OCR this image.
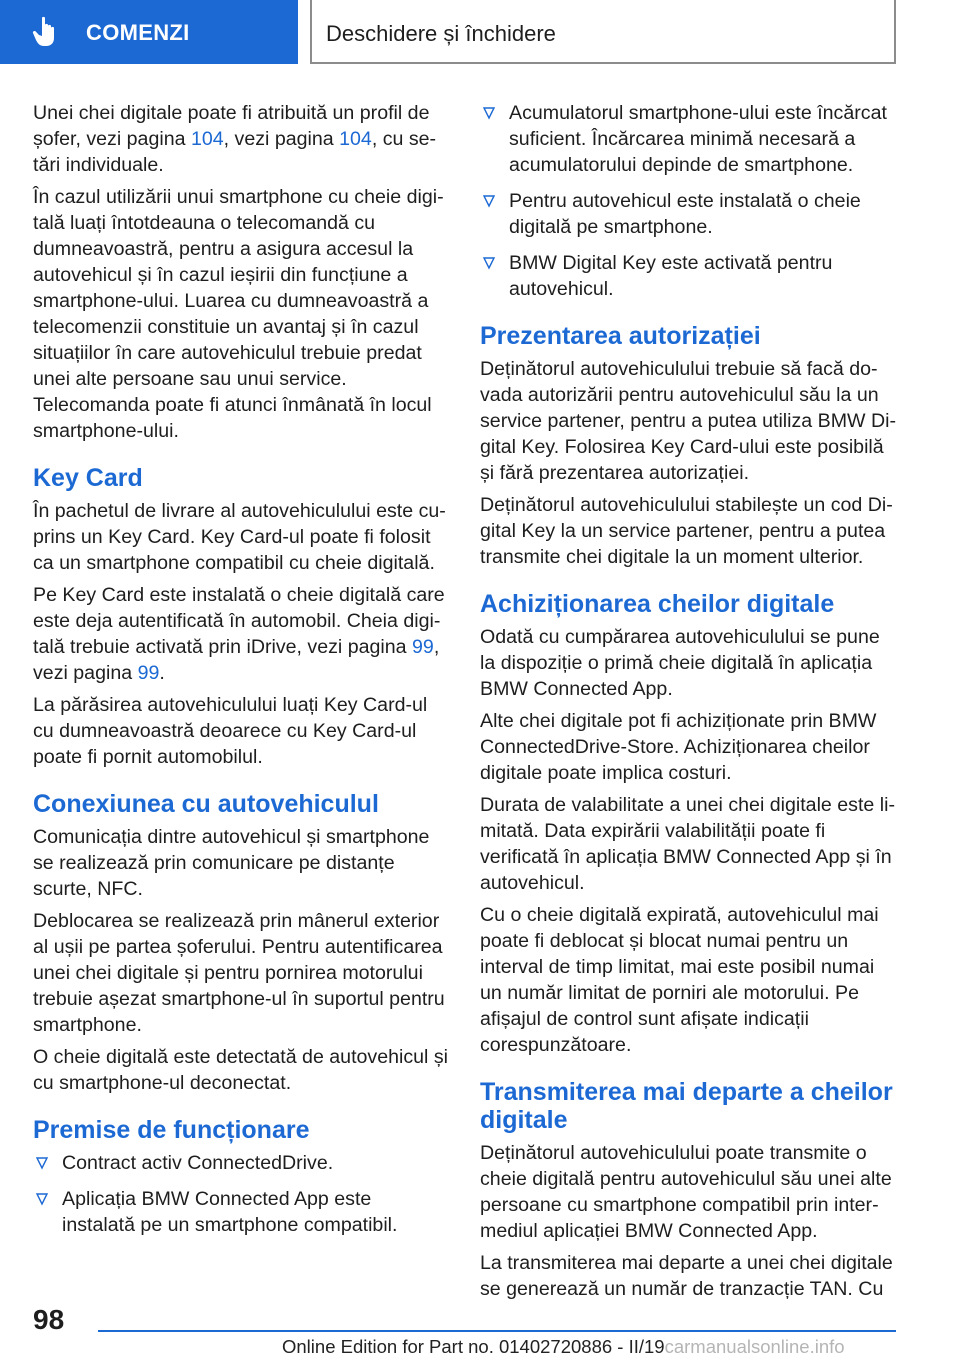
COMENZI	Deschidere și închidere

Unei chei digitale poate fi atribuită un profil de șofer, vezi pagina 104, vezi pagina 104, cu setări individuale.

În cazul utilizării unui smartphone cu cheie digitală luați întotdeauna o telecomandă cu dumneavoastră, pentru a asigura accesul la autovehicul și în cazul ieșirii din funcțiune a smartphone-ului. Luarea cu dumneavoastră a telecomenzii constituie un avantaj și în cazul situațiilor în care autovehiculul trebuie predat unei alte persoane sau unui service. Telecomanda poate fi atunci înmânată în locul smartphone-ului.

Key Card

În pachetul de livrare al autovehiculului este cuprins un Key Card. Key Card-ul poate fi folosit ca un smartphone compatibil cu cheie digitală.

Pe Key Card este instalată o cheie digitală care este deja autentificată în automobil. Cheia digitală trebuie activată prin iDrive, vezi pagina 99, vezi pagina 99.

La părăsirea autovehiculului luați Key Card-ul cu dumneavoastră deoarece cu Key Card-ul poate fi pornit automobilul.

Conexiunea cu autovehiculul

Comunicația dintre autovehicul și smartphone se realizează prin comunicare pe distanțe scurte, NFC.

Deblocarea se realizează prin mânerul exterior al ușii pe partea șoferului. Pentru autentificarea unei chei digitale și pentru pornirea motorului trebuie așezat smartphone-ul în suportul pentru smartphone.

O cheie digitală este detectată de autovehicul și cu smartphone-ul deconectat.

Premise de funcționare
Contract activ ConnectedDrive.
Aplicația BMW Connected App este instalată pe un smartphone compatibil.
Acumulatorul smartphone-ului este încărcat suficient. Încărcarea minimă necesară a acumulatorului depinde de smartphone.
Pentru autovehicul este instalată o cheie digitală pe smartphone.
BMW Digital Key este activată pentru autovehicul.
Prezentarea autorizației

Deținătorul autovehiculului trebuie să facă dovada autorizării pentru autovehiculul său la un service partener, pentru a putea utiliza BMW Digital Key. Folosirea Key Card-ului este posibilă și fără prezentarea autorizației.

Deținătorul autovehiculului stabilește un cod Digital Key la un service partener, pentru a putea transmite chei digitale la un moment ulterior.

Achiziționarea cheilor digitale

Odată cu cumpărarea autovehiculului se pune la dispoziție o primă cheie digitală în aplicația BMW Connected App.

Alte chei digitale pot fi achiziționate prin BMW ConnectedDrive-Store. Achiziționarea cheilor digitale poate implica costuri.

Durata de valabilitate a unei chei digitale este limitată. Data expirării valabilității poate fi verificată în aplicația BMW Connected App și în autovehicul.

Cu o cheie digitală expirată, autovehiculul mai poate fi deblocat și blocat numai pentru un interval de timp limitat, mai este posibil numai un număr limitat de porniri ale motorului. Pe afișajul de control sunt afișate indicații corespunzătoare.

Transmiterea mai departe a cheilor digitale

Deținătorul autovehiculului poate transmite o cheie digitală pentru autovehiculul său unei alte persoane cu smartphone compatibil prin intermediul aplicației BMW Connected App.

La transmiterea mai departe a unei chei digitale se generează un număr de tranzacție TAN. Cu

98
Online Edition for Part no. 01402720886 - II/19carmanualsonline.info
